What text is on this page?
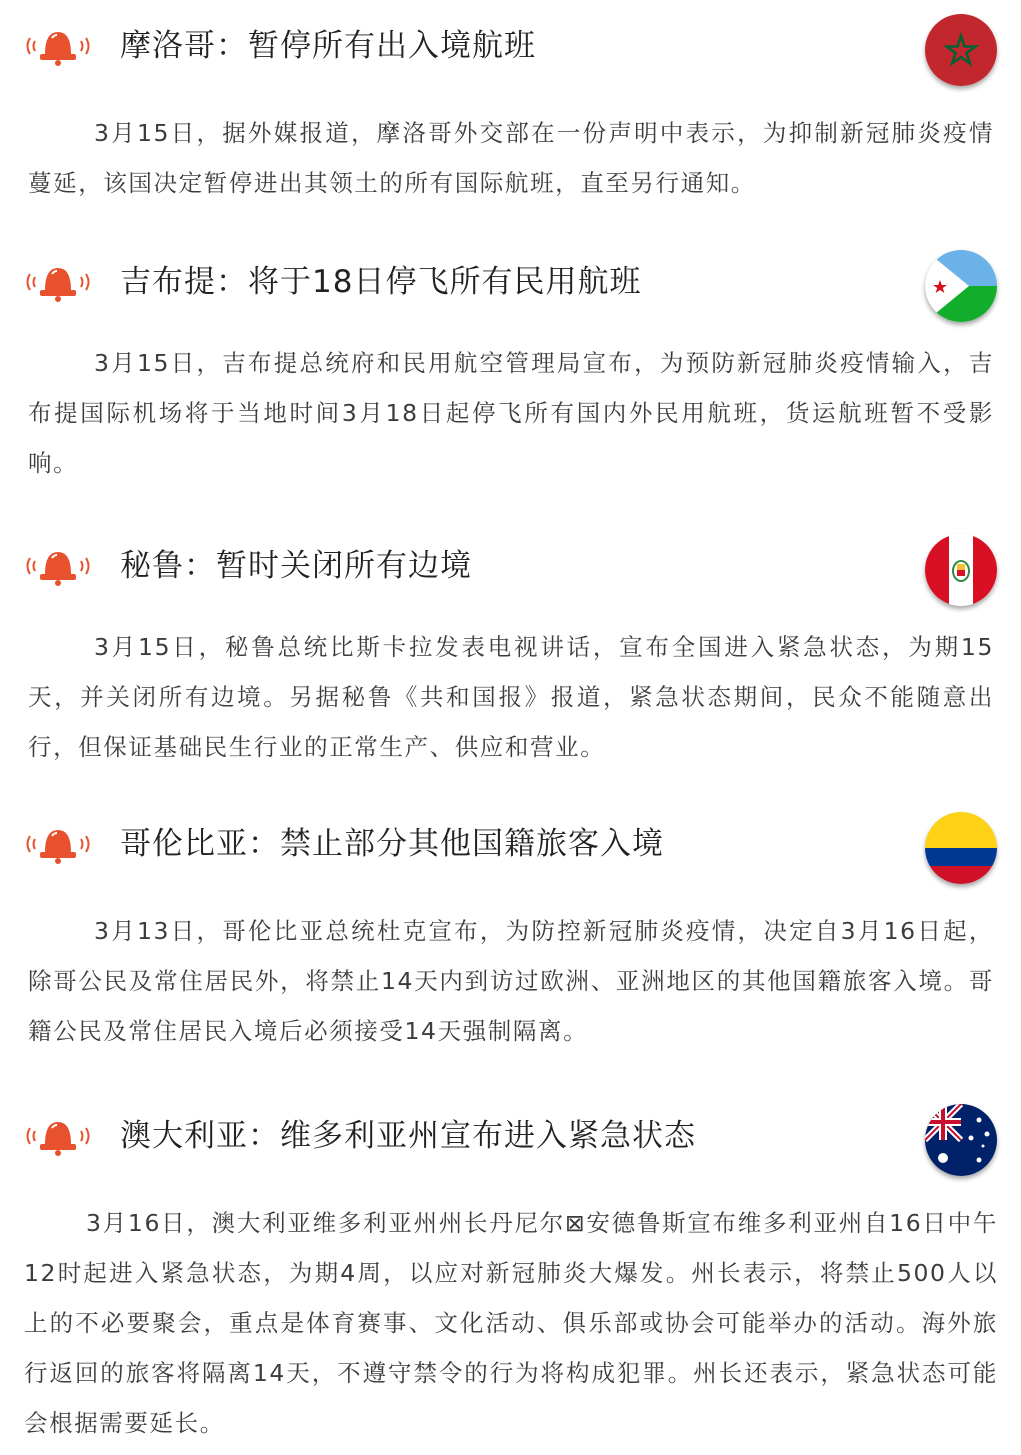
摩洛哥：暂停所有出入境航班

3月15日，据外媒报道，摩洛哥外交部在一份声明中表示，为抑制新冠肺炎疫情蔓延，该国决定暂停进出其领土的所有国际航班，直至另行通知。

吉布提：将于18日停飞所有民用航班

3月15日，吉布提总统府和民用航空管理局宣布，为预防新冠肺炎疫情输入，吉布提国际机场将于当地时间3月18日起停飞所有国内外民用航班，货运航班暂不受影响。

秘鲁：暂时关闭所有边境

3月15日，秘鲁总统比斯卡拉发表电视讲话，宣布全国进入紧急状态，为期15天，并关闭所有边境。另据秘鲁《共和国报》报道，紧急状态期间，民众不能随意出行，但保证基础民生行业的正常生产、供应和营业。

哥伦比亚：禁止部分其他国籍旅客入境

3月13日，哥伦比亚总统杜克宣布，为防控新冠肺炎疫情，决定自3月16日起，除哥公民及常住居民外，将禁止14天内到访过欧洲、亚洲地区的其他国籍旅客入境。哥籍公民及常住居民入境后必须接受14天强制隔离。

澳大利亚：维多利亚州宣布进入紧急状态

3月16日，澳大利亚维多利亚州州长丹尼尔⊠安德鲁斯宣布维多利亚州自16日中午12时起进入紧急状态，为期4周，以应对新冠肺炎大爆发。州长表示，将禁止500人以上的不必要聚会，重点是体育赛事、文化活动、俱乐部或协会可能举办的活动。海外旅行返回的旅客将隔离14天，不遵守禁令的行为将构成犯罪。州长还表示，紧急状态可能会根据需要延长。
